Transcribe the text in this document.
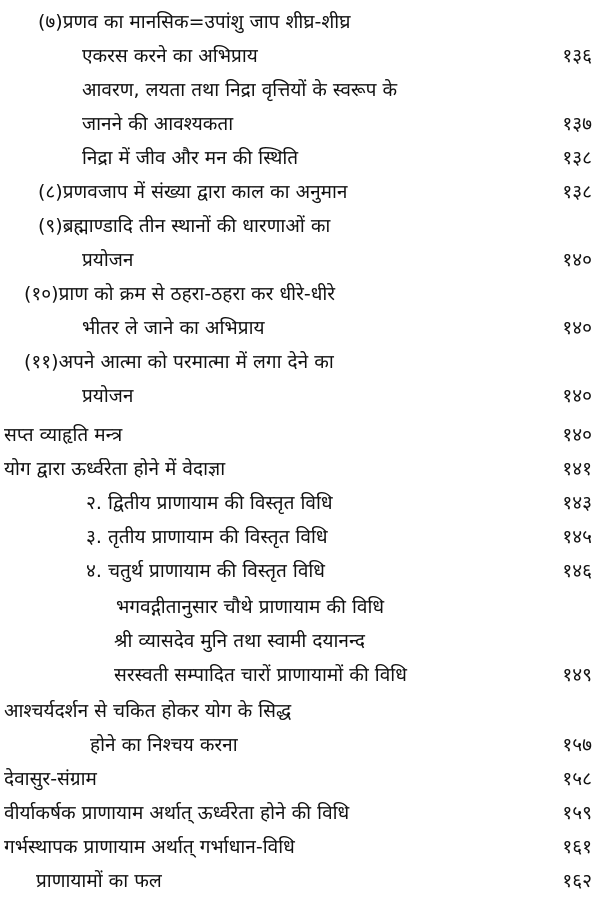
(७)प्रणव का मानसिक=उपांशु जाप शीघ्र-शीघ्र
एकरस करने का अभिप्राय	१३६
आवरण, लयता तथा निद्रा वृत्तियों के स्वरूप के
जानने की आवश्यकता	१३७
निद्रा में जीव और मन की स्थिति	१३८
(८)प्रणवजाप में संख्या द्वारा काल का अनुमान	१३८
(९)ब्रह्माण्डादि तीन स्थानों की धारणाओं का
प्रयोजन	१४०
(१०)प्राण को क्रम से ठहरा-ठहरा कर धीरे-धीरे
भीतर ले जाने का अभिप्राय	१४०
(११)अपने आत्मा को परमात्मा में लगा देने का
प्रयोजन	१४०
सप्त व्याहृति मन्त्र	१४०
योग द्वारा ऊर्ध्वरेता होने में वेदाज्ञा	१४१
२. द्वितीय प्राणायाम की विस्तृत विधि	१४३
३. तृतीय प्राणायाम की विस्तृत विधि	१४५
४. चतुर्थ प्राणायाम की विस्तृत विधि	१४६
भगवद्गीतानुसार चौथे प्राणायाम की विधि
श्री व्यासदेव मुनि तथा स्वामी दयानन्द
सरस्वती सम्पादित चारों प्राणायामों की विधि	१४९
आश्चर्यदर्शन से चकित होकर योग के सिद्ध
होने का निश्चय करना	१५७
देवासुर-संग्राम	१५८
वीर्याकर्षक प्राणायाम अर्थात् ऊर्ध्वरेता होने की विधि	१५९
गर्भस्थापक प्राणायाम अर्थात् गर्भाधान-विधि	१६१
प्राणायामों का फल	१६२
